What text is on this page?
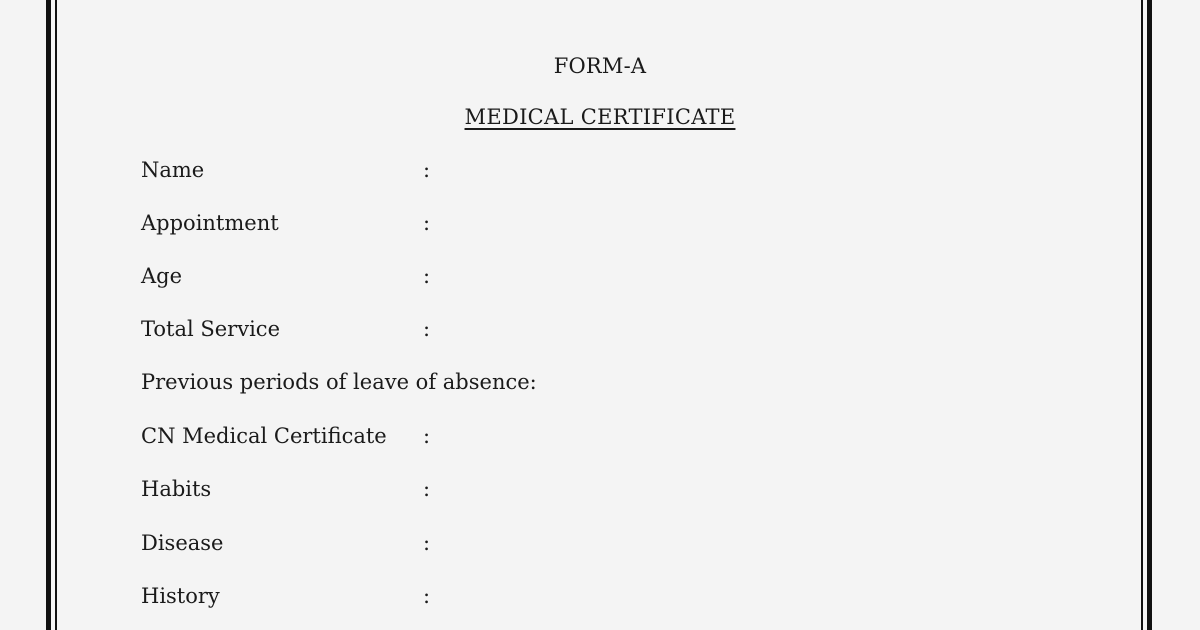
FORM-A
MEDICAL CERTIFICATE
Name	:
Appointment	:
Age	:
Total Service	:
Previous periods of leave of absence:
CN Medical Certificate :
Habits	:
Disease	:
History	:
